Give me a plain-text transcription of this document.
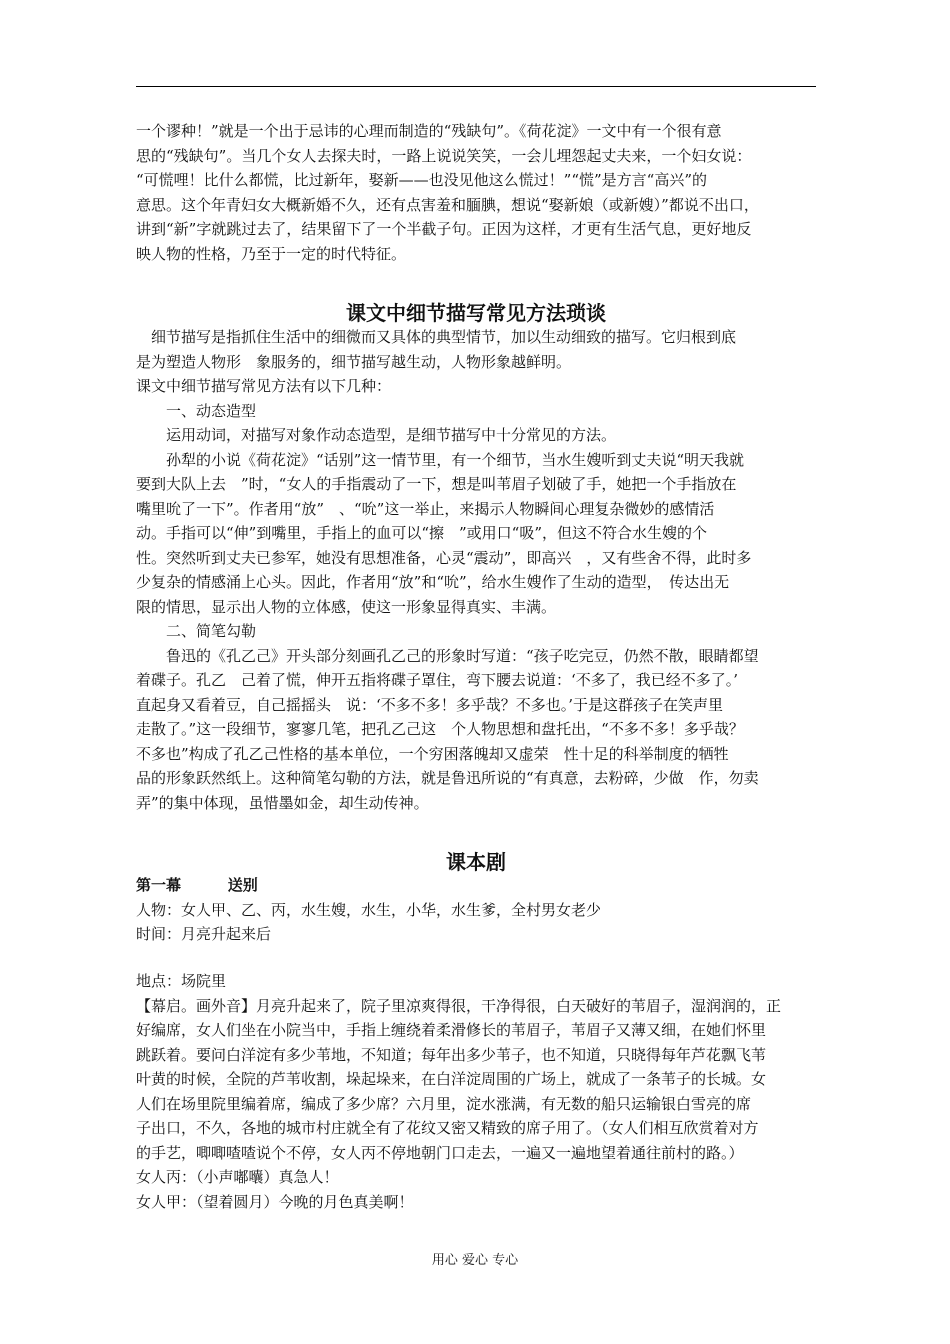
一个谬种！”就是一个出于忌讳的心理而制造的“残缺句”。《荷花淀》一文中有一个很有意
思的“残缺句”。当几个女人去探夫时，一路上说说笑笑，一会儿埋怨起丈夫来，一个妇女说：
“可慌哩！比什么都慌，比过新年，娶新——也没见他这么慌过！”“慌”是方言“高兴”的
意思。这个年青妇女大概新婚不久，还有点害羞和腼腆，想说“娶新娘（或新嫂）”都说不出口，
讲到“新”字就跳过去了，结果留下了一个半截子句。正因为这样，才更有生活气息，更好地反
映人物的性格，乃至于一定的时代特征。
课文中细节描写常见方法琐谈
　细节描写是指抓住生活中的细微而又具体的典型情节，加以生动细致的描写。它归根到底
是为塑造人物形　象服务的，细节描写越生动，人物形象越鲜明。
课文中细节描写常见方法有以下几种：
　　一、动态造型
　　运用动词，对描写对象作动态造型，是细节描写中十分常见的方法。
　　孙犁的小说《荷花淀》“话别”这一情节里，有一个细节，当水生嫂听到丈夫说“明天我就
要到大队上去　”时，“女人的手指震动了一下，想是叫苇眉子划破了手，她把一个手指放在
嘴里吮了一下”。作者用“放”　、“吮”这一举止，来揭示人物瞬间心理复杂微妙的感情活
动。手指可以“伸”到嘴里，手指上的血可以“擦　”或用口“吸”，但这不符合水生嫂的个
性。突然听到丈夫已参军，她没有思想准备，心灵“震动”，即高兴　，又有些舍不得，此时多
少复杂的情感涌上心头。因此，作者用“放”和“吮”，给水生嫂作了生动的造型，　传达出无
限的情思，显示出人物的立体感，使这一形象显得真实、丰满。
　　二、简笔勾勒
　　鲁迅的《孔乙己》开头部分刻画孔乙己的形象时写道：“孩子吃完豆，仍然不散，眼睛都望
着碟子。孔乙　己着了慌，伸开五指将碟子罩住，弯下腰去说道：‘不多了，我已经不多了。’
直起身又看着豆，自己摇摇头　说：‘不多不多！多乎哉？不多也。’于是这群孩子在笑声里
走散了。”这一段细节，寥寥几笔，把孔乙己这　个人物思想和盘托出，“不多不多！多乎哉？
不多也”构成了孔乙己性格的基本单位，一个穷困落魄却又虚荣　性十足的科举制度的牺牲
品的形象跃然纸上。这种简笔勾勒的方法，就是鲁迅所说的“有真意，去粉碎，少做　作，勿卖
弄”的集中体现，虽惜墨如金，却生动传神。
课本剧
第一幕	送别
人物：女人甲、乙、丙，水生嫂，水生，小华，水生爹，全村男女老少
时间：月亮升起来后
地点：场院里
【幕启。画外音】月亮升起来了，院子里凉爽得很，干净得很，白天破好的苇眉子，湿润润的，正
好编席，女人们坐在小院当中，手指上缠绕着柔滑修长的苇眉子，苇眉子又薄又细，在她们怀里
跳跃着。要问白洋淀有多少苇地，不知道；每年出多少苇子，也不知道，只晓得每年芦花飘飞苇
叶黄的时候，全院的芦苇收割，垛起垛来，在白洋淀周围的广场上，就成了一条苇子的长城。女
人们在场里院里编着席，编成了多少席？六月里，淀水涨满，有无数的船只运输银白雪亮的席
子出口，不久，各地的城市村庄就全有了花纹又密又精致的席子用了。（女人们相互欣赏着对方
的手艺，唧唧喳喳说个不停，女人丙不停地朝门口走去，一遍又一遍地望着通往前村的路。）
女人丙：（小声嘟囔）真急人！
女人甲：（望着圆月）今晚的月色真美啊！
用心 爱心 专心
